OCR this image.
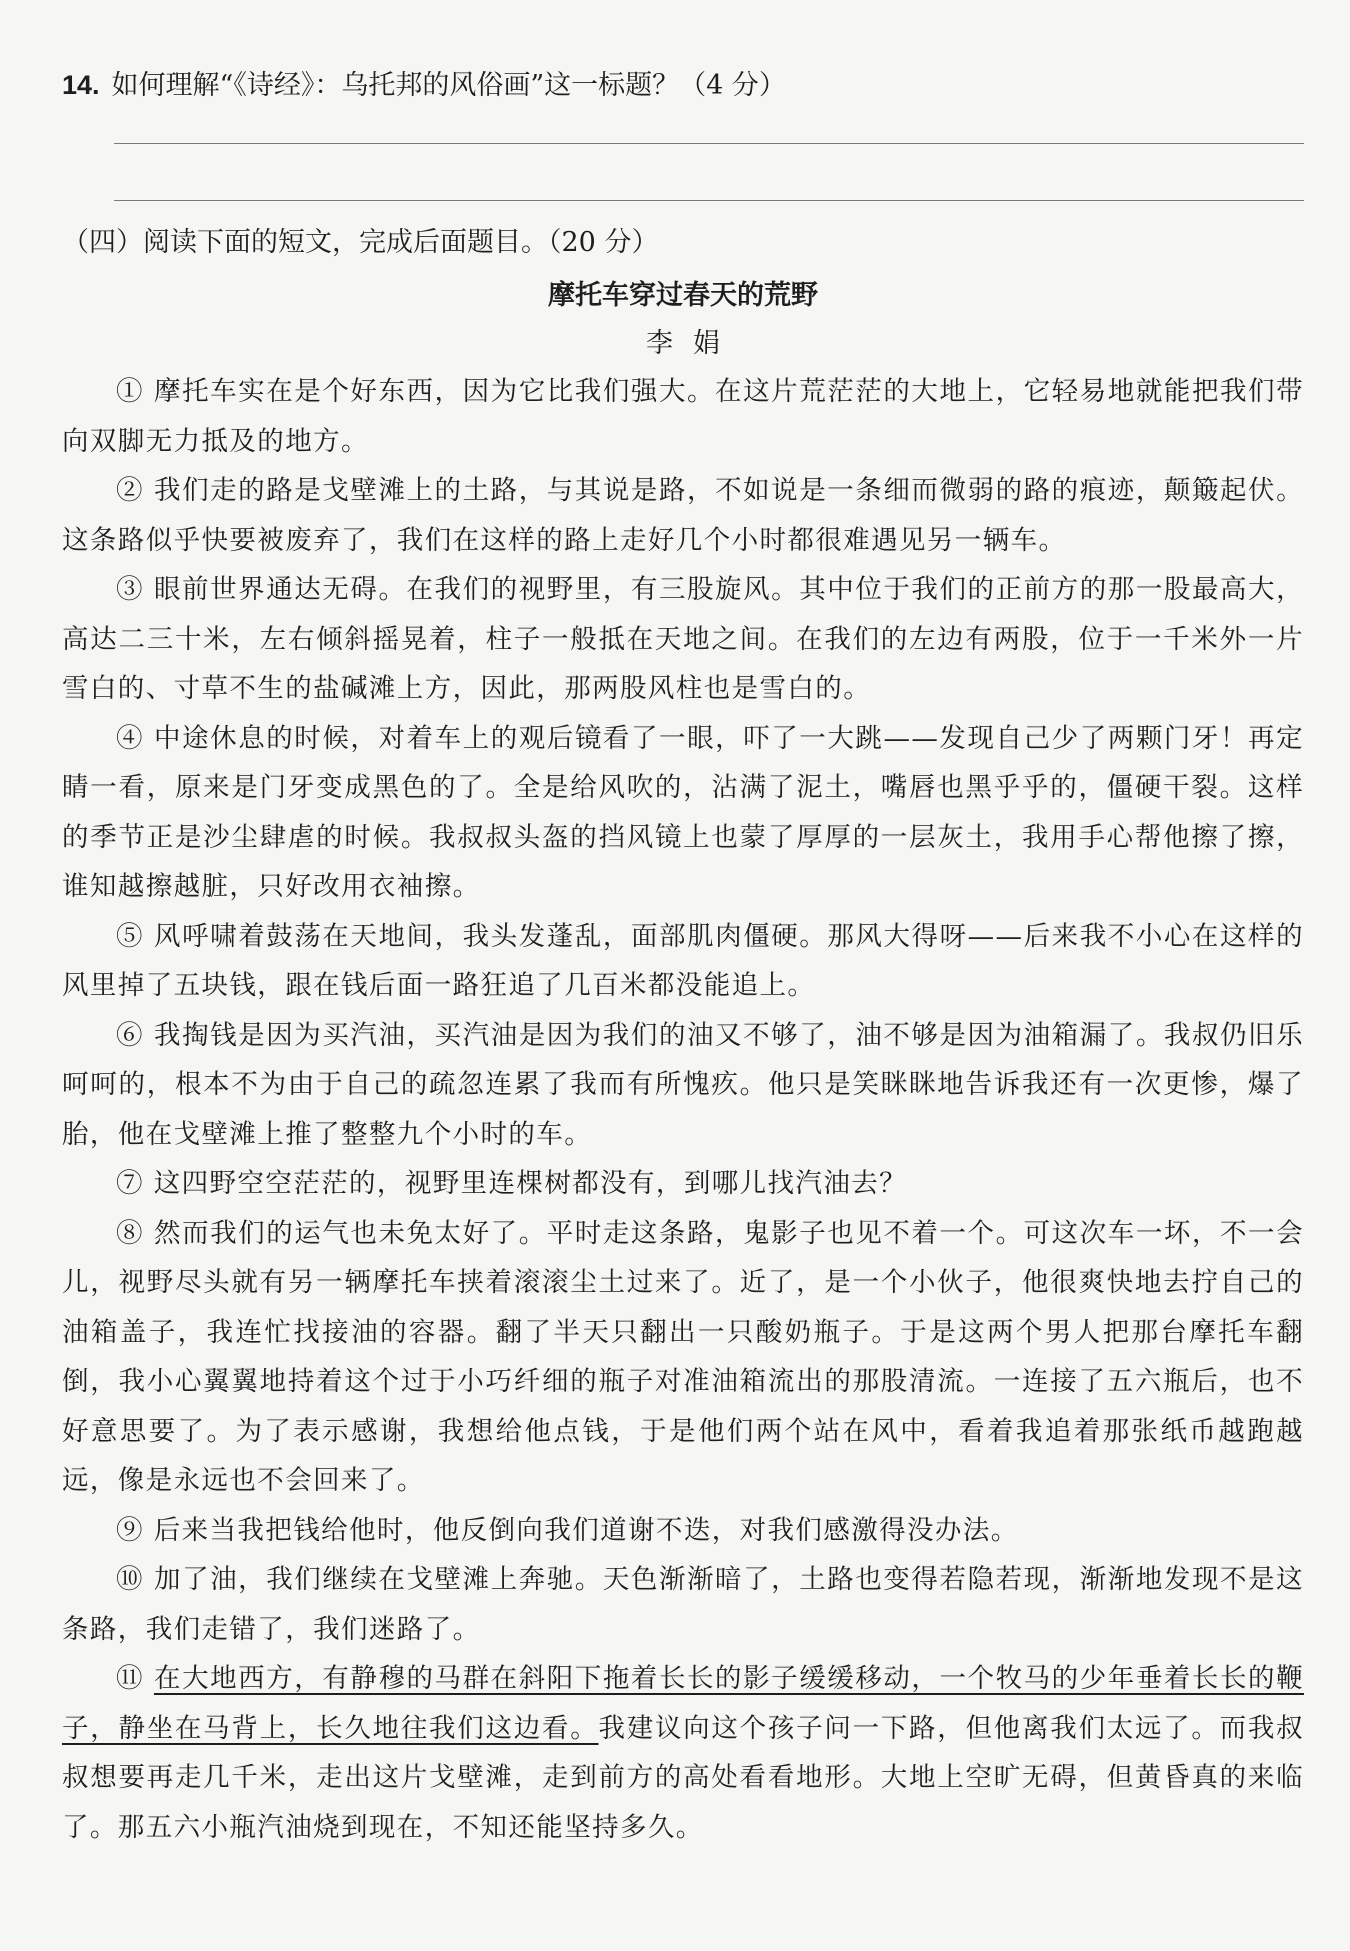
14. 如何理解“《诗经》：乌托邦的风俗画”这一标题？（4 分）

（四）阅读下面的短文，完成后面题目。（20 分）

摩托车穿过春天的荒野

李娟

① 摩托车实在是个好东西，因为它比我们强大。在这片荒茫茫的大地上，它轻易地就能把我们带向双脚无力抵及的地方。

② 我们走的路是戈壁滩上的土路，与其说是路，不如说是一条细而微弱的路的痕迹，颠簸起伏。这条路似乎快要被废弃了，我们在这样的路上走好几个小时都很难遇见另一辆车。

③ 眼前世界通达无碍。在我们的视野里，有三股旋风。其中位于我们的正前方的那一股最高大，高达二三十米，左右倾斜摇晃着，柱子一般抵在天地之间。在我们的左边有两股，位于一千米外一片雪白的、寸草不生的盐碱滩上方，因此，那两股风柱也是雪白的。

④ 中途休息的时候，对着车上的观后镜看了一眼，吓了一大跳——发现自己少了两颗门牙！再定睛一看，原来是门牙变成黑色的了。全是给风吹的，沾满了泥土，嘴唇也黑乎乎的，僵硬干裂。这样的季节正是沙尘肆虐的时候。我叔叔头盔的挡风镜上也蒙了厚厚的一层灰土，我用手心帮他擦了擦，谁知越擦越脏，只好改用衣袖擦。

⑤ 风呼啸着鼓荡在天地间，我头发蓬乱，面部肌肉僵硬。那风大得呀——后来我不小心在这样的风里掉了五块钱，跟在钱后面一路狂追了几百米都没能追上。

⑥ 我掏钱是因为买汽油，买汽油是因为我们的油又不够了，油不够是因为油箱漏了。我叔仍旧乐呵呵的，根本不为由于自己的疏忽连累了我而有所愧疚。他只是笑眯眯地告诉我还有一次更惨，爆了胎，他在戈壁滩上推了整整九个小时的车。

⑦ 这四野空空茫茫的，视野里连棵树都没有，到哪儿找汽油去？

⑧ 然而我们的运气也未免太好了。平时走这条路，鬼影子也见不着一个。可这次车一坏，不一会儿，视野尽头就有另一辆摩托车挟着滚滚尘土过来了。近了，是一个小伙子，他很爽快地去拧自己的油箱盖子，我连忙找接油的容器。翻了半天只翻出一只酸奶瓶子。于是这两个男人把那台摩托车翻倒，我小心翼翼地持着这个过于小巧纤细的瓶子对准油箱流出的那股清流。一连接了五六瓶后，也不好意思要了。为了表示感谢，我想给他点钱，于是他们两个站在风中，看着我追着那张纸币越跑越远，像是永远也不会回来了。

⑨ 后来当我把钱给他时，他反倒向我们道谢不迭，对我们感激得没办法。

⑩ 加了油，我们继续在戈壁滩上奔驰。天色渐渐暗了，土路也变得若隐若现，渐渐地发现不是这条路，我们走错了，我们迷路了。

⑪ 在大地西方，有静穆的马群在斜阳下拖着长长的影子缓缓移动，一个牧马的少年垂着长长的鞭子，静坐在马背上，长久地往我们这边看。我建议向这个孩子问一下路，但他离我们太远了。而我叔叔想要再走几千米，走出这片戈壁滩，走到前方的高处看看地形。大地上空旷无碍，但黄昏真的来临了。那五六小瓶汽油烧到现在，不知还能坚持多久。
